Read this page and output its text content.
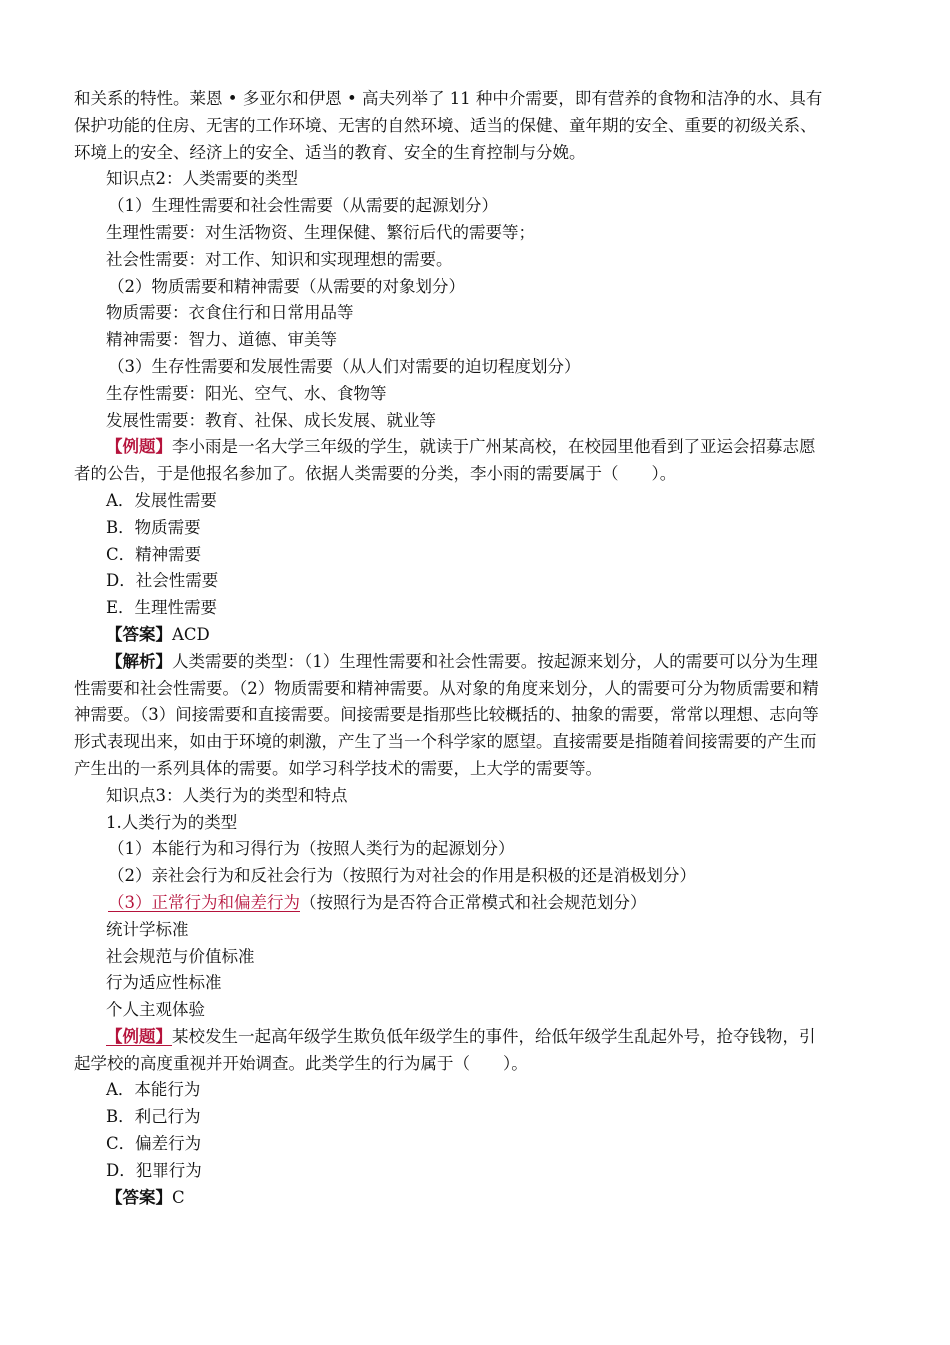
和关系的特性。莱恩 • 多亚尔和伊恩 • 高夫列举了 11 种中介需要，即有营养的食物和洁净的水、具有

保护功能的住房、无害的工作环境、无害的自然环境、适当的保健、童年期的安全、重要的初级关系、

环境上的安全、经济上的安全、适当的教育、安全的生育控制与分娩。

知识点2：人类需要的类型

（1）生理性需要和社会性需要（从需要的起源划分）

生理性需要：对生活物资、生理保健、繁衍后代的需要等；

社会性需要：对工作、知识和实现理想的需要。

（2）物质需要和精神需要（从需要的对象划分）

物质需要：衣食住行和日常用品等

精神需要：智力、道德、审美等

（3）生存性需要和发展性需要（从人们对需要的迫切程度划分）

生存性需要：阳光、空气、水、食物等

发展性需要：教育、社保、成长发展、就业等

【例题】李小雨是一名大学三年级的学生，就读于广州某高校，在校园里他看到了亚运会招募志愿

者的公告，于是他报名参加了。依据人类需要的分类，李小雨的需要属于（　　）。

A．发展性需要

B．物质需要

C．精神需要

D．社会性需要

E．生理性需要

【答案】ACD

【解析】人类需要的类型：（1）生理性需要和社会性需要。按起源来划分，人的需要可以分为生理

性需要和社会性需要。（2）物质需要和精神需要。从对象的角度来划分，人的需要可分为物质需要和精

神需要。（3）间接需要和直接需要。间接需要是指那些比较概括的、抽象的需要，常常以理想、志向等

形式表现出来，如由于环境的刺激，产生了当一个科学家的愿望。直接需要是指随着间接需要的产生而

产生出的一系列具体的需要。如学习科学技术的需要，上大学的需要等。

知识点3：人类行为的类型和特点

1.人类行为的类型

（1）本能行为和习得行为（按照人类行为的起源划分）

（2）亲社会行为和反社会行为（按照行为对社会的作用是积极的还是消极划分）

（3）正常行为和偏差行为（按照行为是否符合正常模式和社会规范划分）

统计学标准

社会规范与价值标准

行为适应性标准

个人主观体验

【例题】某校发生一起高年级学生欺负低年级学生的事件，给低年级学生乱起外号，抢夺钱物，引

起学校的高度重视并开始调查。此类学生的行为属于（　　）。

A．本能行为

B．利己行为

C．偏差行为

D．犯罪行为

【答案】C
